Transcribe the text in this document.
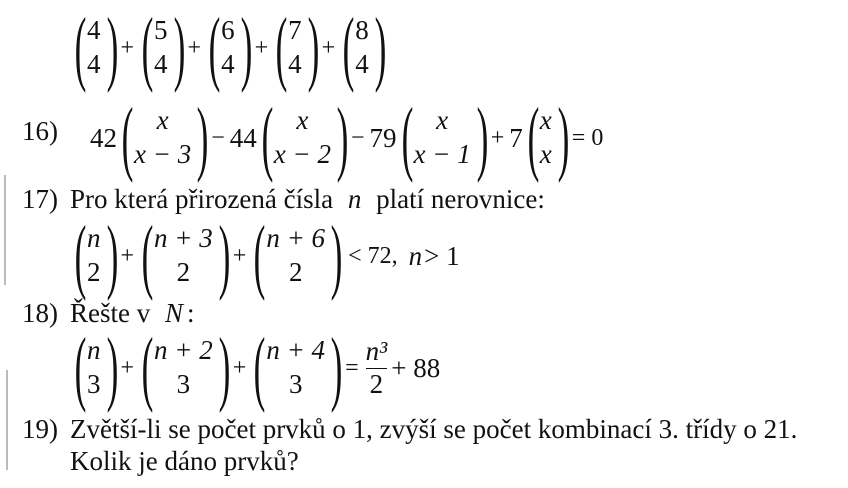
( 4
4 ) + ( 5
4 ) + ( 6
4 ) + ( 7
4 ) + ( 8
4 )
16) 42 ( x
x − 3 ) − 44 ( x
x − 2 ) − 79 ( x
x − 1 ) + 7 ( x
x ) = 0
17) Pro která přirozená čísla n platí nerovnice:
( n
2 ) + ( n + 3
2 ) + ( n + 6
2 ) < 72, n > 1
18) Řešte v N :
( n
3 ) + ( n + 2
3 ) + ( n + 4
3 ) = $\frac{\text{n³}}{2} + 88$
19) Zvětší-li se počet prvků o 1, zvýší se počet kombinací 3. třídy o 21.
Kolik je dáno prvků?
